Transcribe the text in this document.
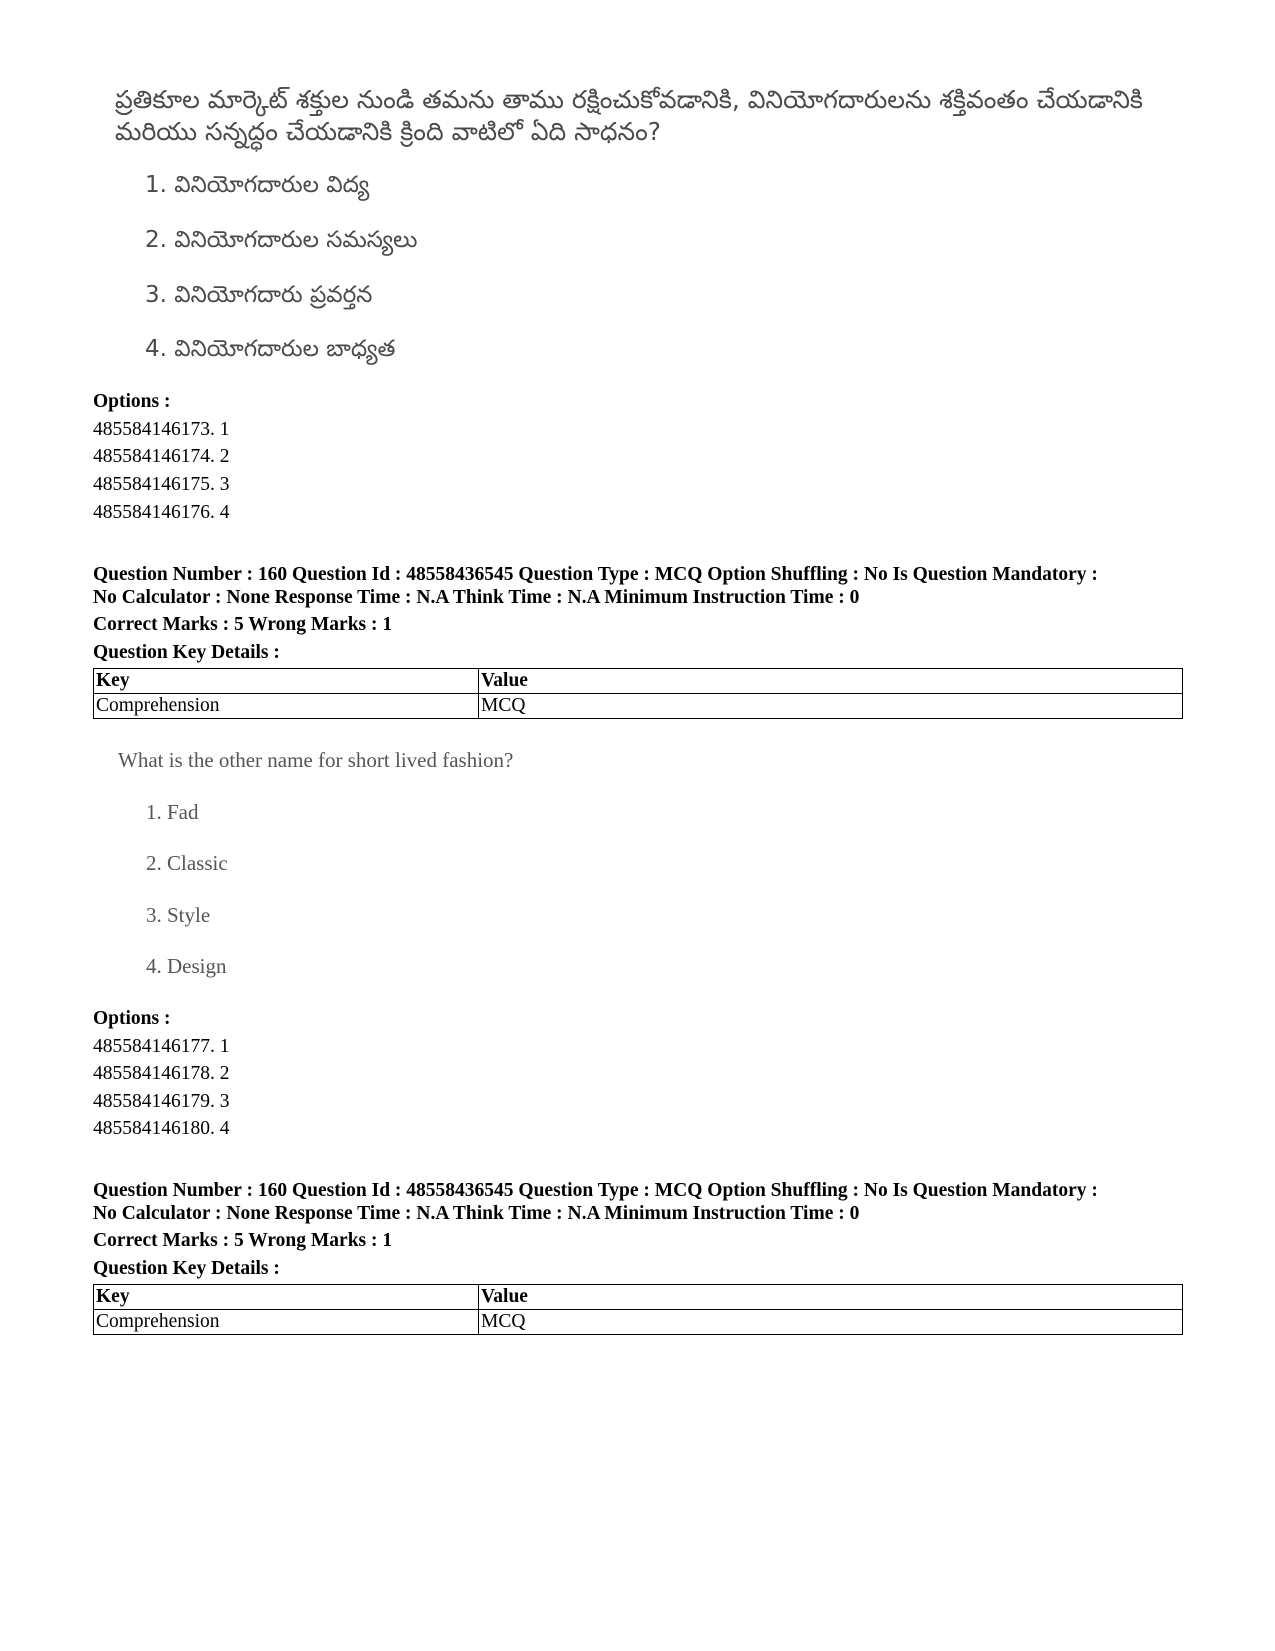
ప్రతికూల మార్కెట్ శక్తుల నుండి తమను తాము రక్షించుకోవడానికి, వినియోగదారులను శక్తివంతం చేయడానికి మరియు సన్నద్ధం చేయడానికి క్రింది వాటిలో ఏది సాధనం?
1. వినియోగదారుల విద్య
2. వినియోగదారుల సమస్యలు
3. వినియోగదారు ప్రవర్తన
4. వినియోగదారుల బాధ్యత
Options :
485584146173. 1
485584146174. 2
485584146175. 3
485584146176. 4
Question Number : 160 Question Id : 48558436545 Question Type : MCQ Option Shuffling : No Is Question Mandatory :
No Calculator : None Response Time : N.A Think Time : N.A Minimum Instruction Time : 0
Correct Marks : 5 Wrong Marks : 1
Question Key Details :
Key	Value
Comprehension	MCQ
What is the other name for short lived fashion?
1. Fad
2. Classic
3. Style
4. Design
Options :
485584146177. 1
485584146178. 2
485584146179. 3
485584146180. 4
Question Number : 160 Question Id : 48558436545 Question Type : MCQ Option Shuffling : No Is Question Mandatory :
No Calculator : None Response Time : N.A Think Time : N.A Minimum Instruction Time : 0
Correct Marks : 5 Wrong Marks : 1
Question Key Details :
Key	Value
Comprehension	MCQ
